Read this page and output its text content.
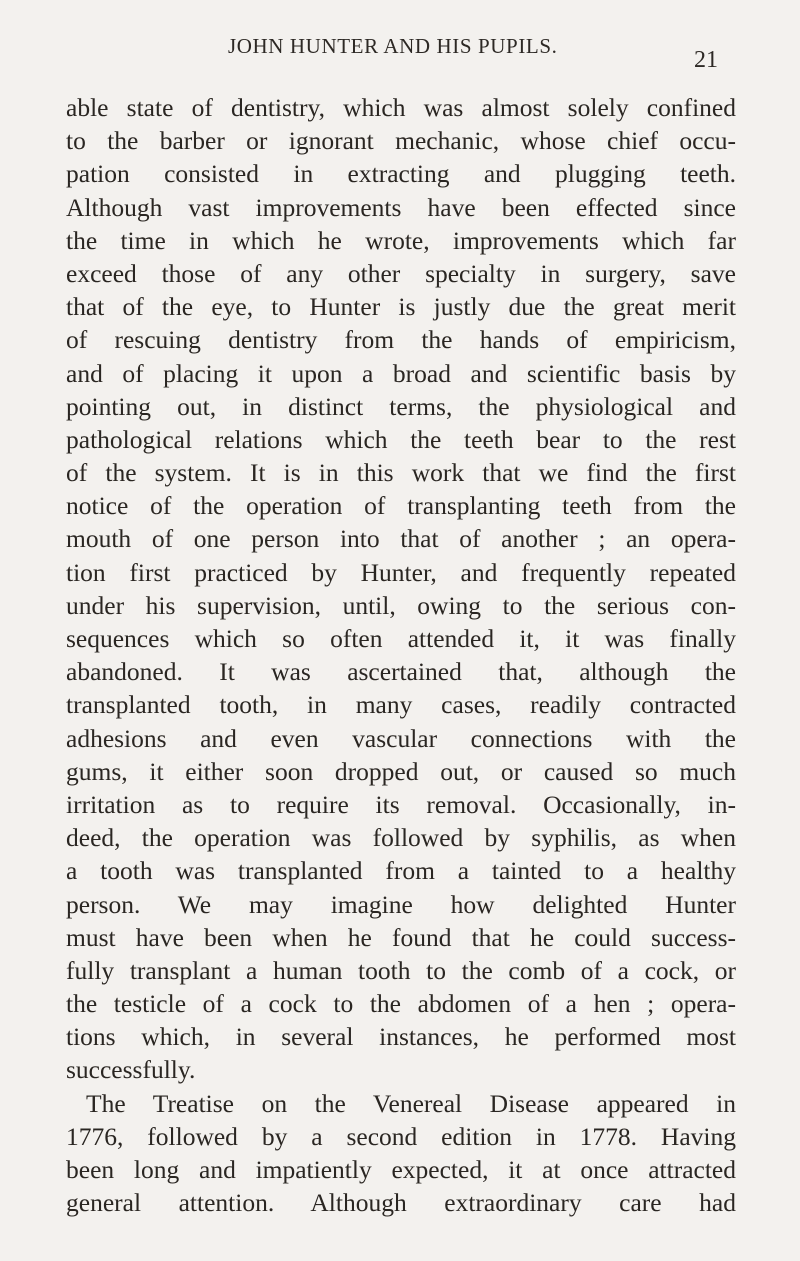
JOHN HUNTER AND HIS PUPILS.
21
able state of dentistry, which was almost solely confined
to the barber or ignorant mechanic, whose chief occu-
pation consisted in extracting and plugging teeth.
Although vast improvements have been effected since
the time in which he wrote, improvements which far
exceed those of any other specialty in surgery, save
that of the eye, to Hunter is justly due the great merit
of rescuing dentistry from the hands of empiricism,
and of placing it upon a broad and scientific basis by
pointing out, in distinct terms, the physiological and
pathological relations which the teeth bear to the rest
of the system. It is in this work that we find the first
notice of the operation of transplanting teeth from the
mouth of one person into that of another ; an opera-
tion first practiced by Hunter, and frequently repeated
under his supervision, until, owing to the serious con-
sequences which so often attended it, it was finally
abandoned. It was ascertained that, although the
transplanted tooth, in many cases, readily contracted
adhesions and even vascular connections with the
gums, it either soon dropped out, or caused so much
irritation as to require its removal. Occasionally, in-
deed, the operation was followed by syphilis, as when
a tooth was transplanted from a tainted to a healthy
person. We may imagine how delighted Hunter
must have been when he found that he could success-
fully transplant a human tooth to the comb of a cock, or
the testicle of a cock to the abdomen of a hen ; opera-
tions which, in several instances, he performed most
successfully.
The Treatise on the Venereal Disease appeared in
1776, followed by a second edition in 1778. Having
been long and impatiently expected, it at once attracted
general attention. Although extraordinary care had
